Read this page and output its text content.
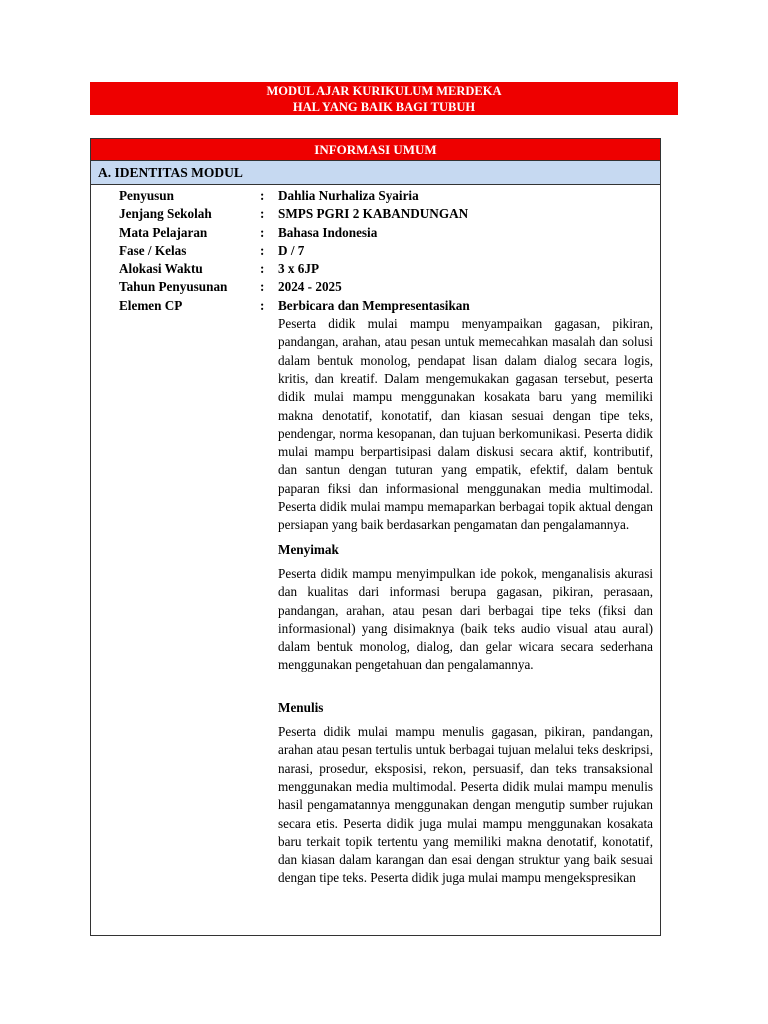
MODUL AJAR KURIKULUM MERDEKA
HAL YANG BAIK BAGI TUBUH
INFORMASI UMUM
A. IDENTITAS MODUL
Penyusun	: Dahlia Nurhaliza Syairia
Jenjang Sekolah	: SMPS PGRI 2 KABANDUNGAN
Mata Pelajaran	: Bahasa Indonesia
Fase / Kelas	: D / 7
Alokasi Waktu	: 3 x 6JP
Tahun Penyusunan : 2024 - 2025
Elemen CP	: Berbicara dan Mempresentasikan

Peserta didik mulai mampu menyampaikan gagasan, pikiran, pandangan, arahan, atau pesan untuk memecahkan masalah dan solusi dalam bentuk monolog, pendapat lisan dalam dialog secara logis, kritis, dan kreatif. Dalam mengemukakan gagasan tersebut, peserta didik mulai mampu menggunakan kosakata baru yang memiliki makna denotatif, konotatif, dan kiasan sesuai dengan tipe teks, pendengar, norma kesopanan, dan tujuan berkomunikasi. Peserta didik mulai mampu berpartisipasi dalam diskusi secara aktif, kontributif, dan santun dengan tuturan yang empatik, efektif, dalam bentuk paparan fiksi dan informasional menggunakan media multimodal. Peserta didik mulai mampu memaparkan berbagai topik aktual dengan persiapan yang baik berdasarkan pengamatan dan pengalamannya.

Menyimak

Peserta didik mampu menyimpulkan ide pokok, menganalisis akurasi dan kualitas dari informasi berupa gagasan, pikiran, perasaan, pandangan, arahan, atau pesan dari berbagai tipe teks (fiksi dan informasional) yang disimaknya (baik teks audio visual atau aural) dalam bentuk monolog, dialog, dan gelar wicara secara sederhana menggunakan pengetahuan dan pengalamannya.

Menulis

Peserta didik mulai mampu menulis gagasan, pikiran, pandangan, arahan atau pesan tertulis untuk berbagai tujuan melalui teks deskripsi, narasi, prosedur, eksposisi, rekon, persuasif, dan teks transaksional menggunakan media multimodal. Peserta didik mulai mampu menulis hasil pengamatannya menggunakan dengan mengutip sumber rujukan secara etis. Peserta didik juga mulai mampu menggunakan kosakata baru terkait topik tertentu yang memiliki makna denotatif, konotatif, dan kiasan dalam karangan dan esai dengan struktur yang baik sesuai dengan tipe teks. Peserta didik juga mulai mampu mengekspresikan
